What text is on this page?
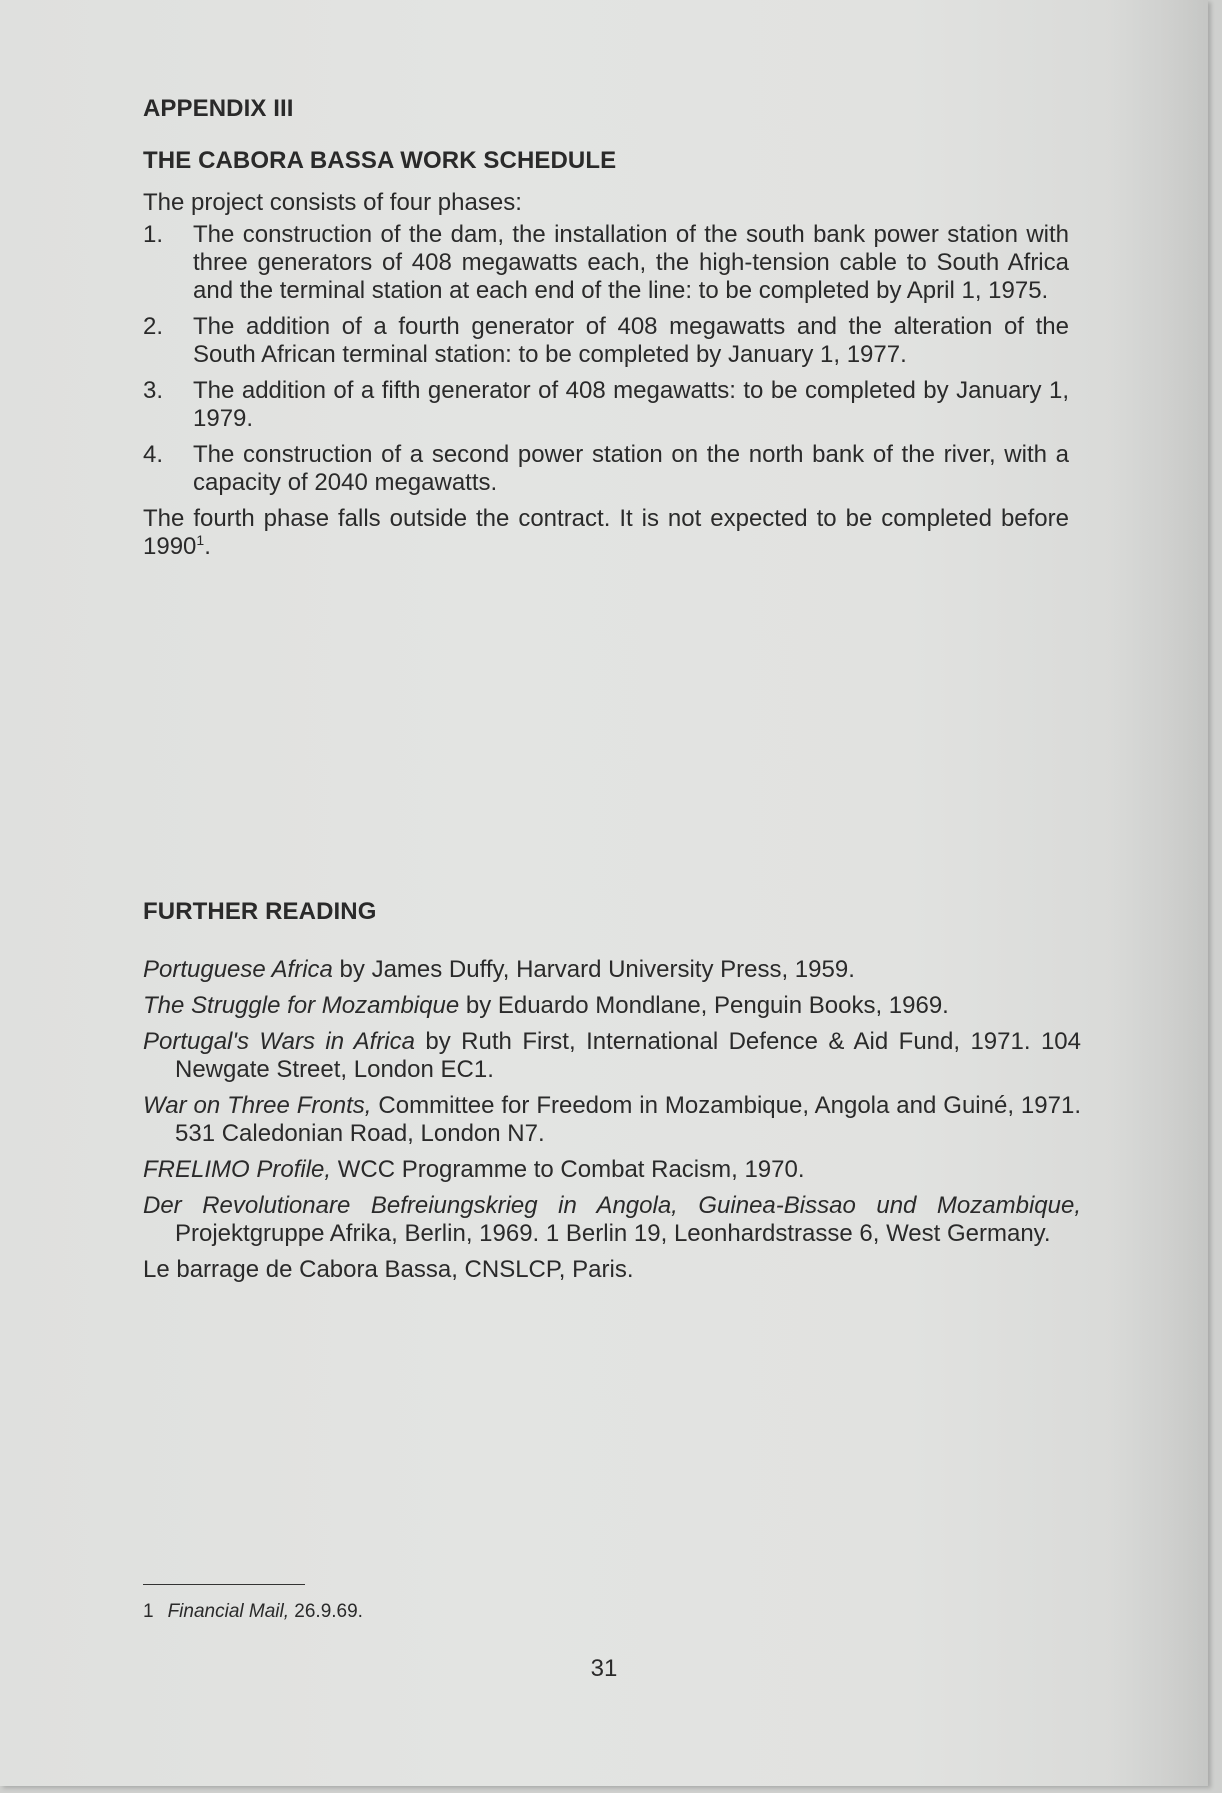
APPENDIX III
THE CABORA BASSA WORK SCHEDULE

The project consists of four phases:

1.	The construction of the dam, the installation of the south bank power station with three generators of 408 megawatts each, the high-tension cable to South Africa and the terminal station at each end of the line: to be completed by April 1, 1975.
2.	The addition of a fourth generator of 408 megawatts and the alteration of the South African terminal station: to be completed by January 1, 1977.
3.	The addition of a fifth generator of 408 megawatts: to be completed by January 1, 1979.
4.	The construction of a second power station on the north bank of the river, with a capacity of 2040 megawatts.

The fourth phase falls outside the contract. It is not expected to be completed before 1990$^1$.

FURTHER READING
Portuguese Africa by James Duffy, Harvard University Press, 1959.
The Struggle for Mozambique by Eduardo Mondlane, Penguin Books, 1969.
Portugal's Wars in Africa by Ruth First, International Defence & Aid Fund, 1971. 104 Newgate Street, London EC1.
War on Three Fronts, Committee for Freedom in Mozambique, Angola and Guiné, 1971. 531 Caledonian Road, London N7.
FRELIMO Profile, WCC Programme to Combat Racism, 1970.
Der Revolutionare Befreiungskrieg in Angola, Guinea-Bissao und Mozambique, Projektgruppe Afrika, Berlin, 1969. 1 Berlin 19, Leonhardstrasse 6, West Germany.
Le barrage de Cabora Bassa, CNSLCP, Paris.
1 Financial Mail, 26.9.69.
31
